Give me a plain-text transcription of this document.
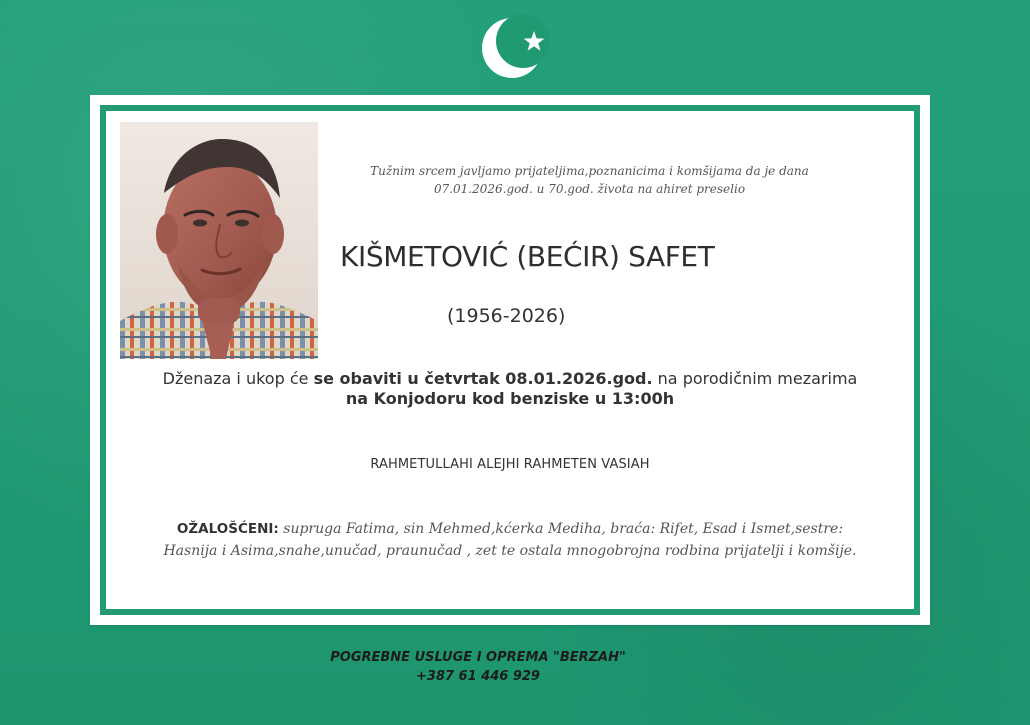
Tužnim srcem javljamo prijateljima,poznanicima i komšijama da je dana
07.01.2026.god. u 70.god. života na ahiret preselio
KIŠMETOVIĆ (BEĆIR) SAFET
(1956-2026)
Dženaza i ukop će se obaviti u četvrtak 08.01.2026.god. na porodičnim mezarima
na Konjodoru kod benziske u 13:00h
RAHMETULLAHI ALEJHI RAHMETEN VASIAH
OŽALOŠĆENI: supruga Fatima, sin Mehmed,kćerka Mediha, braća: Rifet, Esad i Ismet,sestre:
Hasnija i Asima,snahe,unučad, praunučad , zet te ostala mnogobrojna rodbina prijatelji i komšije.
POGREBNE USLUGE I OPREMA "BERZAH"
+387 61 446 929
